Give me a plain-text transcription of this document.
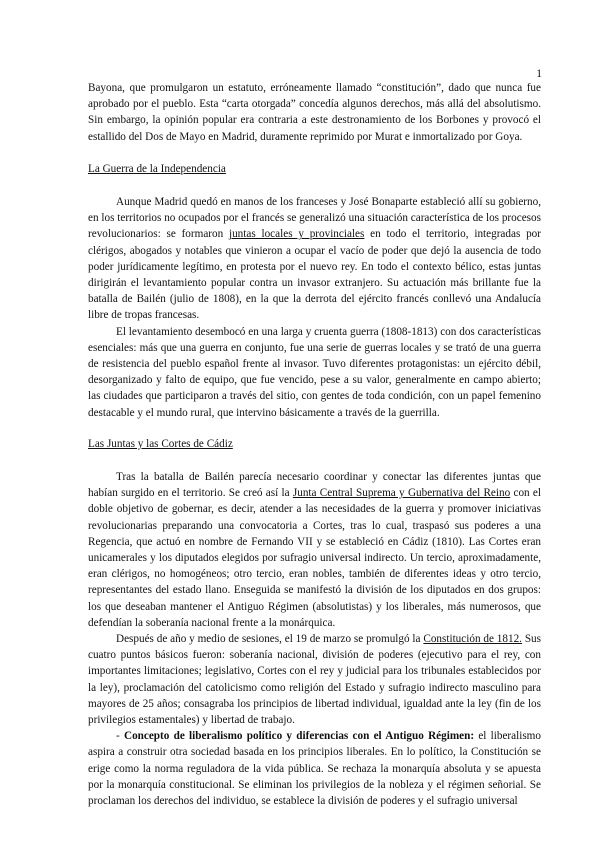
1

Bayona, que promulgaron un estatuto, erróneamente llamado “constitución”, dado que nunca fue aprobado por el pueblo. Esta “carta otorgada” concedía algunos derechos, más allá del absolutismo. Sin embargo, la opinión popular era contraria a este destronamiento de los Borbones y provocó el estallido del Dos de Mayo en Madrid, duramente reprimido por Murat e inmortalizado por Goya.

La Guerra de la Independencia

Aunque Madrid quedó en manos de los franceses y José Bonaparte estableció allí su gobierno, en los territorios no ocupados por el francés se generalizó una situación característica de los procesos revolucionarios: se formaron juntas locales y provinciales en todo el territorio, integradas por clérigos, abogados y notables que vinieron a ocupar el vacío de poder que dejó la ausencia de todo poder jurídicamente legítimo, en protesta por el nuevo rey. En todo el contexto bélico, estas juntas dirigirán el levantamiento popular contra un invasor extranjero. Su actuación más brillante fue la batalla de Bailén (julio de 1808), en la que la derrota del ejército francés conllevó una Andalucía libre de tropas francesas.

El levantamiento desembocó en una larga y cruenta guerra (1808-1813) con dos características esenciales: más que una guerra en conjunto, fue una serie de guerras locales y se trató de una guerra de resistencia del pueblo español frente al invasor. Tuvo diferentes protagonistas: un ejército débil, desorganizado y falto de equipo, que fue vencido, pese a su valor, generalmente en campo abierto; las ciudades que participaron a través del sitio, con gentes de toda condición, con un papel femenino destacable y el mundo rural, que intervino básicamente a través de la guerrilla.

Las Juntas y las Cortes de Cádiz

Tras la batalla de Bailén parecía necesario coordinar y conectar las diferentes juntas que habían surgido en el territorio. Se creó así la Junta Central Suprema y Gubernativa del Reino con el doble objetivo de gobernar, es decir, atender a las necesidades de la guerra y promover iniciativas revolucionarias preparando una convocatoria a Cortes, tras lo cual, traspasó sus poderes a una Regencia, que actuó en nombre de Fernando VII y se estableció en Cádiz (1810). Las Cortes eran unicamerales y los diputados elegidos por sufragio universal indirecto. Un tercio, aproximadamente, eran clérigos, no homogéneos; otro tercio, eran nobles, también de diferentes ideas y otro tercio, representantes del estado llano. Enseguida se manifestó la división de los diputados en dos grupos: los que deseaban mantener el Antiguo Régimen (absolutistas) y los liberales, más numerosos, que defendían la soberanía nacional frente a la monárquica.

Después de año y medio de sesiones, el 19 de marzo se promulgó la Constitución de 1812. Sus cuatro puntos básicos fueron: soberanía nacional, división de poderes (ejecutivo para el rey, con importantes limitaciones; legislativo, Cortes con el rey y judicial para los tribunales establecidos por la ley), proclamación del catolicismo como religión del Estado y sufragio indirecto masculino para mayores de 25 años; consagraba los principios de libertad individual, igualdad ante la ley (fin de los privilegios estamentales) y libertad de trabajo.

- Concepto de liberalismo político y diferencias con el Antiguo Régimen: el liberalismo aspira a construir otra sociedad basada en los principios liberales. En lo político, la Constitución se erige como la norma reguladora de la vida pública. Se rechaza la monarquía absoluta y se apuesta por la monarquía constitucional. Se eliminan los privilegios de la nobleza y el régimen señorial. Se proclaman los derechos del individuo, se establece la división de poderes y el sufragio universal
